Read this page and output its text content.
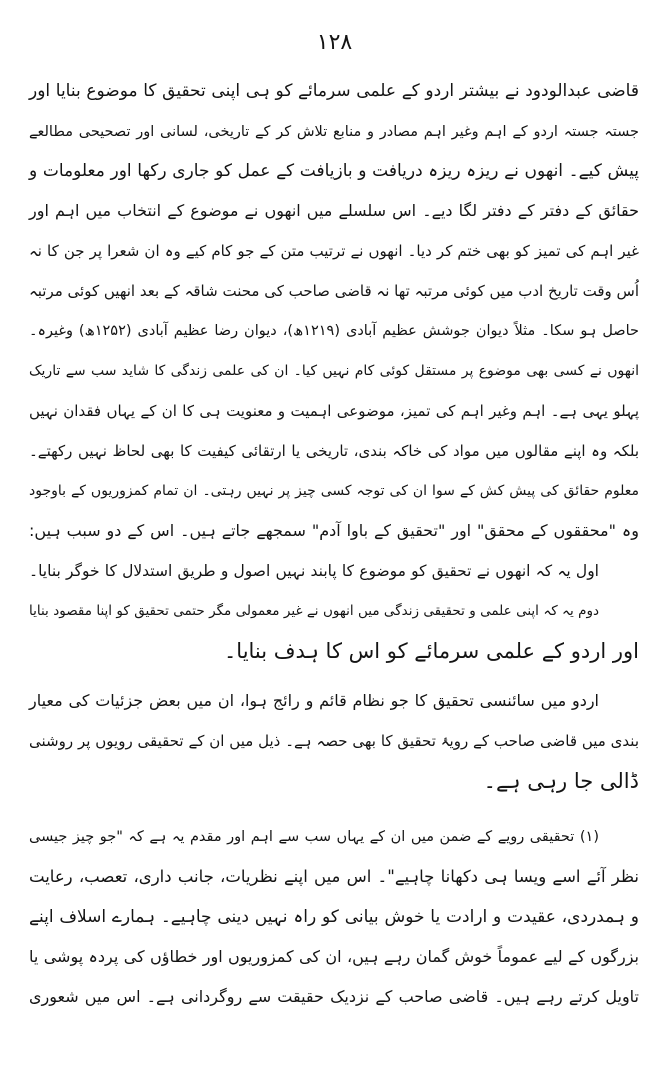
۱۲۸
قاضی عبدالودود نے بیشتر اردو کے علمی سرمائے کو ہی اپنی تحقیق کا موضوع بنایا اور
جستہ جستہ اردو کے اہم وغیر اہم مصادر و منابع تلاش کر کے تاریخی، لسانی اور تصحیحی مطالعے
پیش کیے۔ انھوں نے ریزہ ریزہ دریافت و بازیافت کے عمل کو جاری رکھا اور معلومات و
حقائق کے دفتر کے دفتر لگا دیے۔ اس سلسلے میں انھوں نے موضوع کے انتخاب میں اہم اور
غیر اہم کی تمیز کو بھی ختم کر دیا۔ انھوں نے ترتیب متن کے جو کام کیے وہ ان شعرا پر جن کا نہ
اُس وقت تاریخ ادب میں کوئی مرتبہ تھا نہ قاضی صاحب کی محنت شاقہ کے بعد انھیں کوئی مرتبہ
حاصل ہو سکا۔ مثلاً دیوان جوشش عظیم آبادی (۱۲۱۹ھ)، دیوان رضا عظیم آبادی (۱۲۵۲ھ) وغیرہ۔
انھوں نے کسی بھی موضوع پر مستقل کوئی کام نہیں کیا۔ ان کی علمی زندگی کا شاید سب سے تاریک
پہلو یہی ہے۔ اہم وغیر اہم کی تمیز، موضوعی اہمیت و معنویت ہی کا ان کے یہاں فقدان نہیں
بلکہ وہ اپنے مقالوں میں مواد کی خاکہ بندی، تاریخی یا ارتقائی کیفیت کا بھی لحاظ نہیں رکھتے۔
معلوم حقائق کی پیش کش کے سوا ان کی توجہ کسی چیز پر نہیں رہتی۔ ان تمام کمزوریوں کے باوجود
وہ "محققوں کے محقق" اور "تحقیق کے باوا آدم" سمجھے جاتے ہیں۔ اس کے دو سبب ہیں:
اول یہ کہ انھوں نے تحقیق کو موضوع کا پابند نہیں اصول و طریق استدلال کا خوگر بنایا۔
دوم یہ کہ اپنی علمی و تحقیقی زندگی میں انھوں نے غیر معمولی مگر حتمی تحقیق کو اپنا مقصود بنایا
اور اردو کے علمی سرمائے کو اس کا ہدف بنایا۔
اردو میں سائنسی تحقیق کا جو نظام قائم و رائج ہوا، ان میں بعض جزئیات کی معیار
بندی میں قاضی صاحب کے رویۂ تحقیق کا بھی حصہ ہے۔ ذیل میں ان کے تحقیقی رویوں پر روشنی
ڈالی جا رہی ہے۔
(۱) تحقیقی رویے کے ضمن میں ان کے یہاں سب سے اہم اور مقدم یہ ہے کہ "جو چیز جیسی
نظر آئے اسے ویسا ہی دکھانا چاہیے"۔ اس میں اپنے نظریات، جانب داری، تعصب، رعایت
و ہمدردی، عقیدت و ارادت یا خوش بیانی کو راہ نہیں دینی چاہیے۔ ہمارے اسلاف اپنے
بزرگوں کے لیے عموماً خوش گمان رہے ہیں، ان کی کمزوریوں اور خطاؤں کی پردہ پوشی یا
تاویل کرتے رہے ہیں۔ قاضی صاحب کے نزدیک حقیقت سے روگردانی ہے۔ اس میں شعوری
